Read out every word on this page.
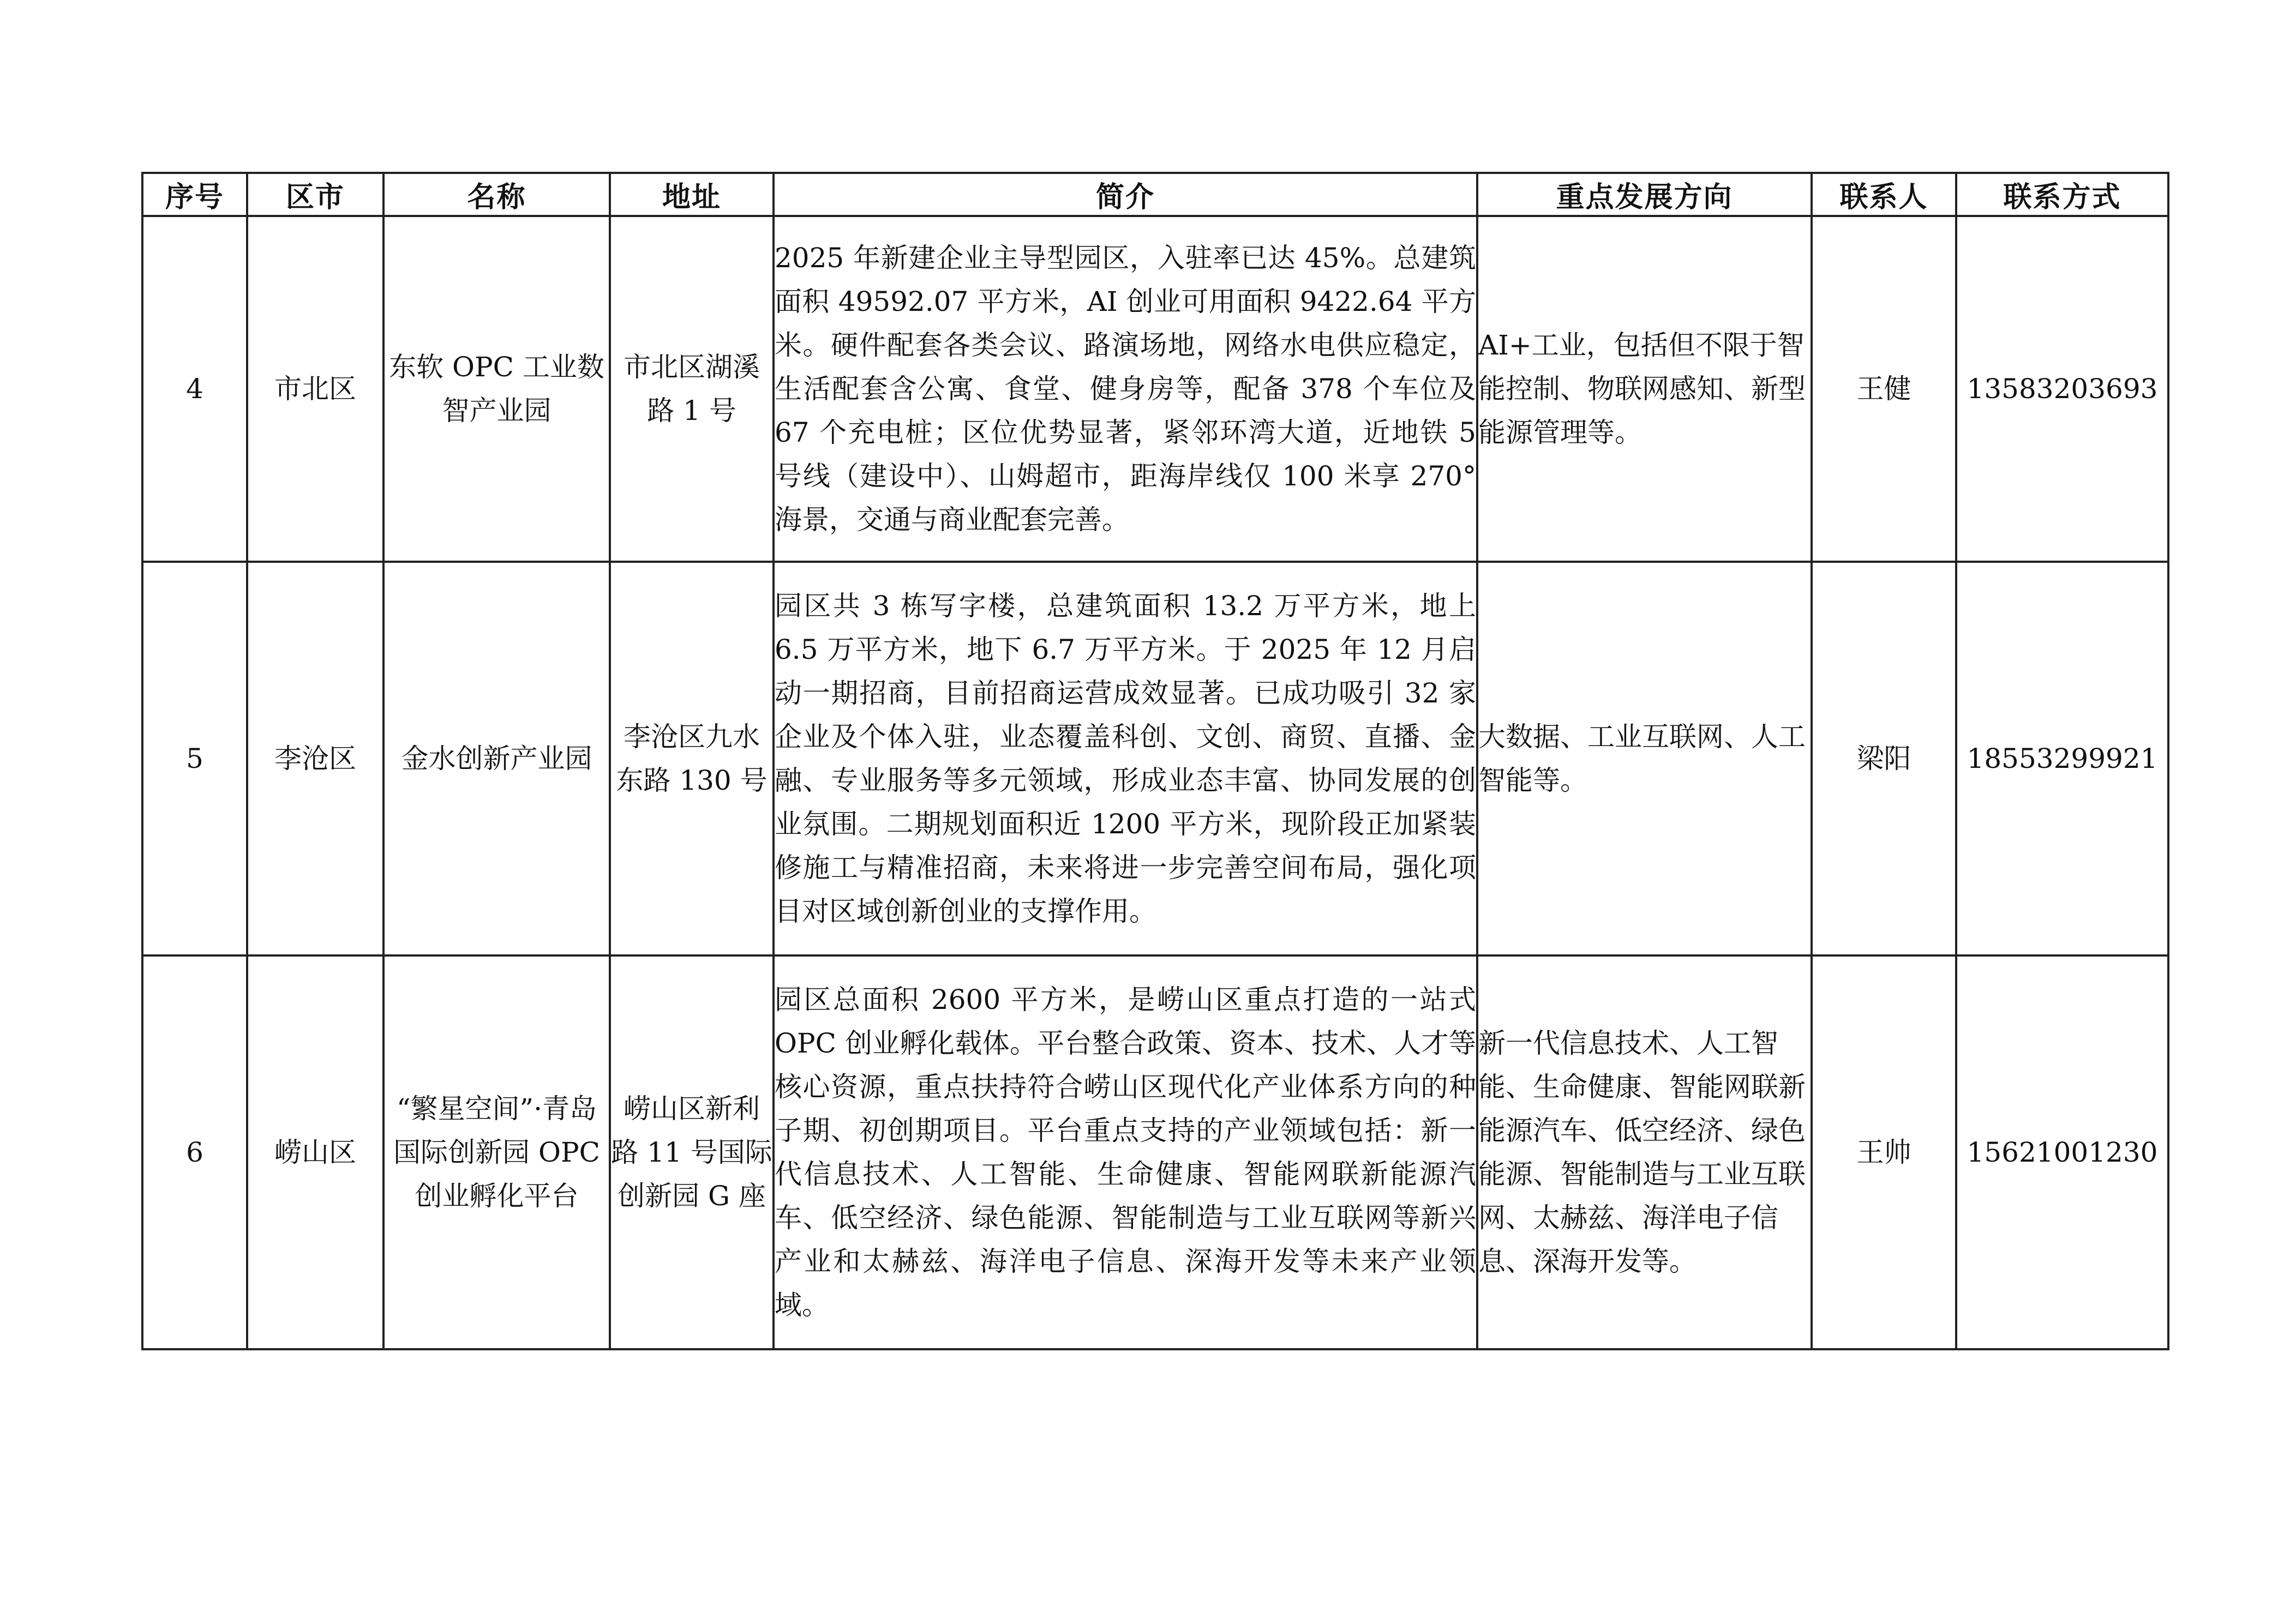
序号	区市	名称	地址	简介	重点发展方向	联系人	联系方式
4	市北区	东软 OPC 工业数智产业园	市北区湖溪路 1 号	2025 年新建企业主导型园区，入驻率已达 45%。总建筑面积 49592.07 平方米，AI 创业可用面积 9422.64 平方米。硬件配套各类会议、路演场地，网络水电供应稳定，生活配套含公寓、食堂、健身房等，配备 378 个车位及 67 个充电桩；区位优势显著，紧邻环湾大道，近地铁 5 号线（建设中）、山姆超市，距海岸线仅 100 米享 270°海景，交通与商业配套完善。	AI+工业，包括但不限于智能控制、物联网感知、新型能源管理等。	王健	13583203693
5	李沧区	金水创新产业园	李沧区九水东路 130 号	园区共 3 栋写字楼，总建筑面积 13.2 万平方米，地上 6.5 万平方米，地下 6.7 万平方米。于 2025 年 12 月启动一期招商，目前招商运营成效显著。已成功吸引 32 家企业及个体入驻，业态覆盖科创、文创、商贸、直播、金融、专业服务等多元领域，形成业态丰富、协同发展的创业氛围。二期规划面积近 1200 平方米，现阶段正加紧装修施工与精准招商，未来将进一步完善空间布局，强化项目对区域创新创业的支撑作用。	大数据、工业互联网、人工智能等。	梁阳	18553299921
6	崂山区	“繁星空间”·青岛国际创新园 OPC 创业孵化平台	崂山区新利路 11 号国际创新园 G 座	园区总面积 2600 平方米，是崂山区重点打造的一站式 OPC 创业孵化载体。平台整合政策、资本、技术、人才等核心资源，重点扶持符合崂山区现代化产业体系方向的种子期、初创期项目。平台重点支持的产业领域包括：新一代信息技术、人工智能、生命健康、智能网联新能源汽车、低空经济、绿色能源、智能制造与工业互联网等新兴产业和太赫兹、海洋电子信息、深海开发等未来产业领域。	新一代信息技术、人工智能、生命健康、智能网联新能源汽车、低空经济、绿色能源、智能制造与工业互联网、太赫兹、海洋电子信息、深海开发等。	王帅	15621001230
